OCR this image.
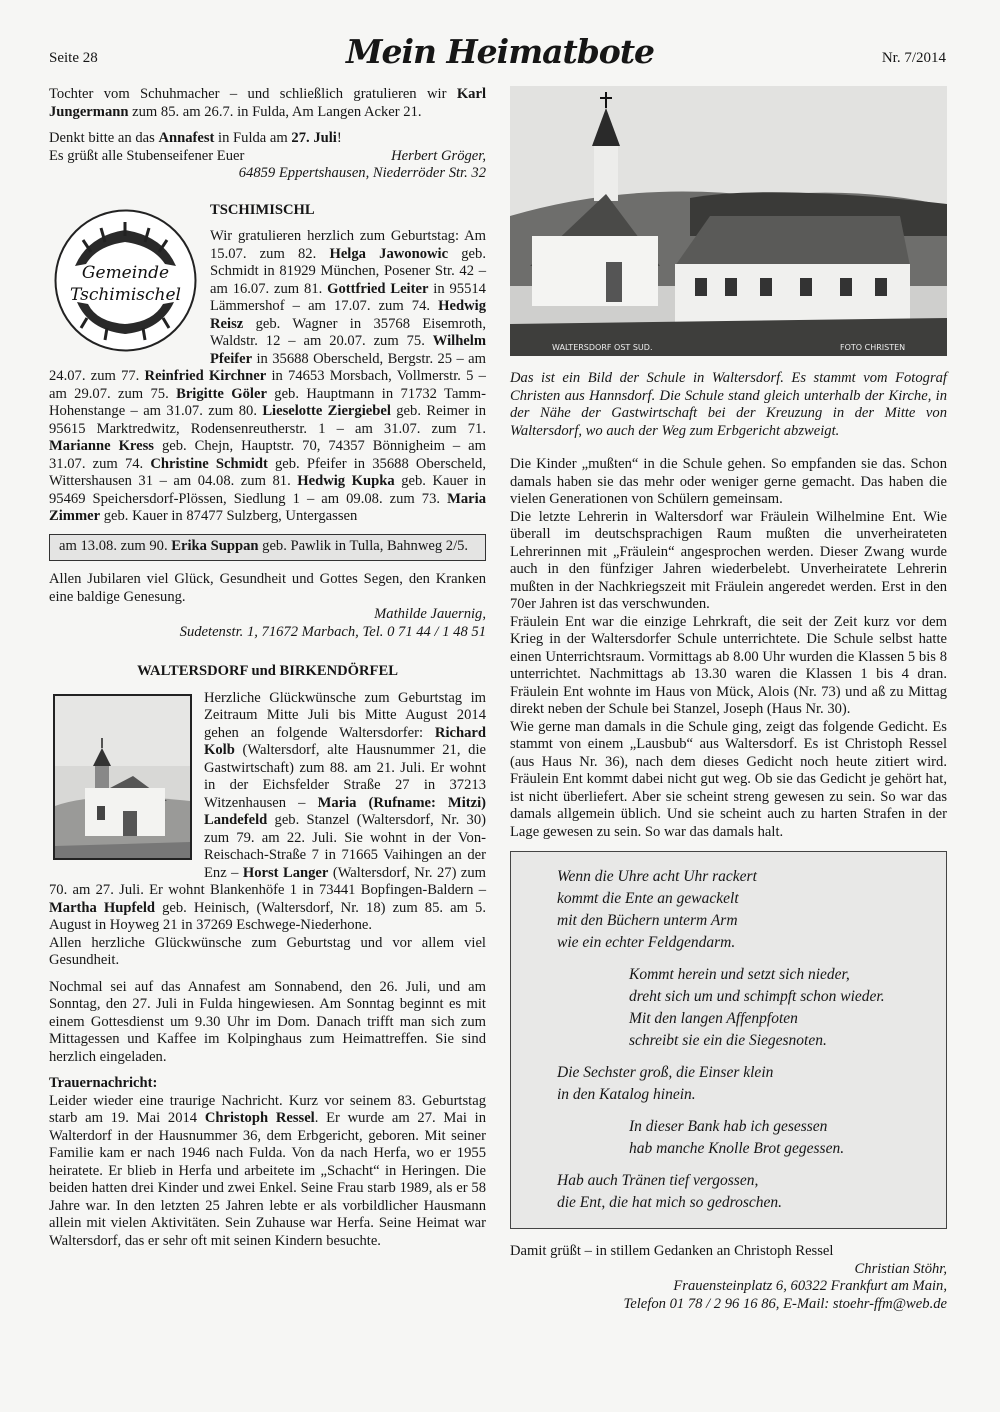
Seite 28	Mein Heimatbote	Nr. 7/2014

Tochter vom Schuhmacher – und schließlich gratulieren wir Karl Jungermann zum 85. am 26.7. in Fulda, Am Langen Acker 21.

Denkt bitte an das Annafest in Fulda am 27. Juli!

Es grüßt alle Stubenseifener Euer	Herbert Gröger,

64859 Eppertshausen, Niederröder Str. 32

Gemeinde
Tschimischel

TSCHIMISCHL

Wir gratulieren herzlich zum Geburtstag: Am 15.07. zum 82. Helga Jawonowic geb. Schmidt in 81929 München, Posener Str. 42 – am 16.07. zum 81. Gottfried Leiter in 95514 Lämmershof – am 17.07. zum 74. Hedwig Reisz geb. Wagner in 35768 Eisemroth, Waldstr. 12 – am 20.07. zum 75. Wilhelm Pfeifer in 35688 Oberscheld, Bergstr. 25 – am 24.07. zum 77. Reinfried Kirchner in 74653 Morsbach, Vollmerstr. 5 – am 29.07. zum 75. Brigitte Göler geb. Hauptmann in 71732 Tamm-Hohenstange – am 31.07. zum 80. Lieselotte Ziergiebel geb. Reimer in 95615 Marktredwitz, Rodensenreutherstr. 1 – am 31.07. zum 71. Marianne Kress geb. Chejn, Hauptstr. 70, 74357 Bönnigheim – am 31.07. zum 74. Christine Schmidt geb. Pfeifer in 35688 Oberscheld, Wittershausen 31 – am 04.08. zum 81. Hedwig Kupka geb. Kauer in 95469 Speichersdorf-Plössen, Siedlung 1 – am 09.08. zum 73. Maria Zimmer geb. Kauer in 87477 Sulzberg, Untergassen

am 13.08. zum 90. Erika Suppan geb. Pawlik in Tulla, Bahnweg 2/5.

Allen Jubilaren viel Glück, Gesundheit und Gottes Segen, den Kranken eine baldige Genesung.

Mathilde Jauernig,

Sudetenstr. 1, 71672 Marbach, Tel. 0 71 44 / 1 48 51

WALTERSDORF und BIRKENDÖRFEL

Herzliche Glückwünsche zum Geburtstag im Zeitraum Mitte Juli bis Mitte August 2014 gehen an folgende Waltersdorfer: Richard Kolb (Waltersdorf, alte Hausnummer 21, die Gastwirtschaft) zum 88. am 21. Juli. Er wohnt in der Eichsfelder Straße 27 in 37213 Witzenhausen – Maria (Rufname: Mitzi) Landefeld geb. Stanzel (Waltersdorf, Nr. 30) zum 79. am 22. Juli. Sie wohnt in der Von-Reischach-Straße 7 in 71665 Vaihingen an der Enz – Horst Langer (Waltersdorf, Nr. 27) zum 70. am 27. Juli. Er wohnt Blankenhöfe 1 in 73441 Bopfingen-Baldern – Martha Hupfeld geb. Heinisch, (Waltersdorf, Nr. 18) zum 85. am 5. August in Hoyweg 21 in 37269 Eschwege-Niederhone.

Allen herzliche Glückwünsche zum Geburtstag und vor allem viel Gesundheit.

Nochmal sei auf das Annafest am Sonnabend, den 26. Juli, und am Sonntag, den 27. Juli in Fulda hingewiesen. Am Sonntag beginnt es mit einem Gottesdienst um 9.30 Uhr im Dom. Danach trifft man sich zum Mittagessen und Kaffee im Kolpinghaus zum Heimattreffen. Sie sind herzlich eingeladen.

Trauernachricht:

Leider wieder eine traurige Nachricht. Kurz vor seinem 83. Geburtstag starb am 19. Mai 2014 Christoph Ressel. Er wurde am 27. Mai in Walterdorf in der Hausnummer 36, dem Erbgericht, geboren. Mit seiner Familie kam er nach 1946 nach Fulda. Von da nach Herfa, wo er 1955 heiratete. Er blieb in Herfa und arbeitete im „Schacht“ in Heringen. Die beiden hatten drei Kinder und zwei Enkel. Seine Frau starb 1989, als er 58 Jahre war. In den letzten 25 Jahren lebte er als vorbildlicher Hausmann allein mit vielen Aktivitäten. Sein Zuhause war Herfa. Seine Heimat war Waltersdorf, das er sehr oft mit seinen Kindern besuchte.

WALTERSDORF OST SUD.	FOTO CHRISTEN

Das ist ein Bild der Schule in Waltersdorf. Es stammt vom Fotograf Christen aus Hannsdorf. Die Schule stand gleich unterhalb der Kirche, in der Nähe der Gastwirtschaft bei der Kreuzung in der Mitte von Waltersdorf, wo auch der Weg zum Erbgericht abzweigt.

Die Kinder „mußten“ in die Schule gehen. So empfanden sie das. Schon damals haben sie das mehr oder weniger gerne gemacht. Das haben die vielen Generationen von Schülern gemeinsam.

Die letzte Lehrerin in Waltersdorf war Fräulein Wilhelmine Ent. Wie überall im deutschsprachigen Raum mußten die unverheirateten Lehrerinnen mit „Fräulein“ angesprochen werden. Dieser Zwang wurde auch in den fünfziger Jahren wiederbelebt. Unverheiratete Lehrerin mußten in der Nachkriegszeit mit Fräulein angeredet werden. Erst in den 70er Jahren ist das verschwunden.

Fräulein Ent war die einzige Lehrkraft, die seit der Zeit kurz vor dem Krieg in der Waltersdorfer Schule unterrichtete. Die Schule selbst hatte einen Unterrichtsraum. Vormittags ab 8.00 Uhr wurden die Klassen 5 bis 8 unterrichtet. Nachmittags ab 13.30 waren die Klassen 1 bis 4 dran. Fräulein Ent wohnte im Haus von Mück, Alois (Nr. 73) und aß zu Mittag direkt neben der Schule bei Stanzel, Joseph (Haus Nr. 30).

Wie gerne man damals in die Schule ging, zeigt das folgende Gedicht. Es stammt von einem „Lausbub“ aus Waltersdorf. Es ist Christoph Ressel (aus Haus Nr. 36), nach dem dieses Gedicht noch heute zitiert wird. Fräulein Ent kommt dabei nicht gut weg. Ob sie das Gedicht je gehört hat, ist nicht überliefert. Aber sie scheint streng gewesen zu sein. So war das damals allgemein üblich. Und sie scheint auch zu harten Strafen in der Lage gewesen zu sein. So war das damals halt.

Wenn die Uhre acht Uhr rackert
kommt die Ente an gewackelt
mit den Büchern unterm Arm
wie ein echter Feldgendarm.
Kommt herein und setzt sich nieder,
dreht sich um und schimpft schon wieder.
Mit den langen Affenpfoten
schreibt sie ein die Siegesnoten.
Die Sechster groß, die Einser klein
in den Katalog hinein.
In dieser Bank hab ich gesessen
hab manche Knolle Brot gegessen.
Hab auch Tränen tief vergossen,
die Ent, die hat mich so gedroschen.

Damit grüßt – in stillem Gedanken an Christoph Ressel

Christian Stöhr,

Frauensteinplatz 6, 60322 Frankfurt am Main,

Telefon 01 78 / 2 96 16 86, E-Mail: stoehr-ffm@web.de
